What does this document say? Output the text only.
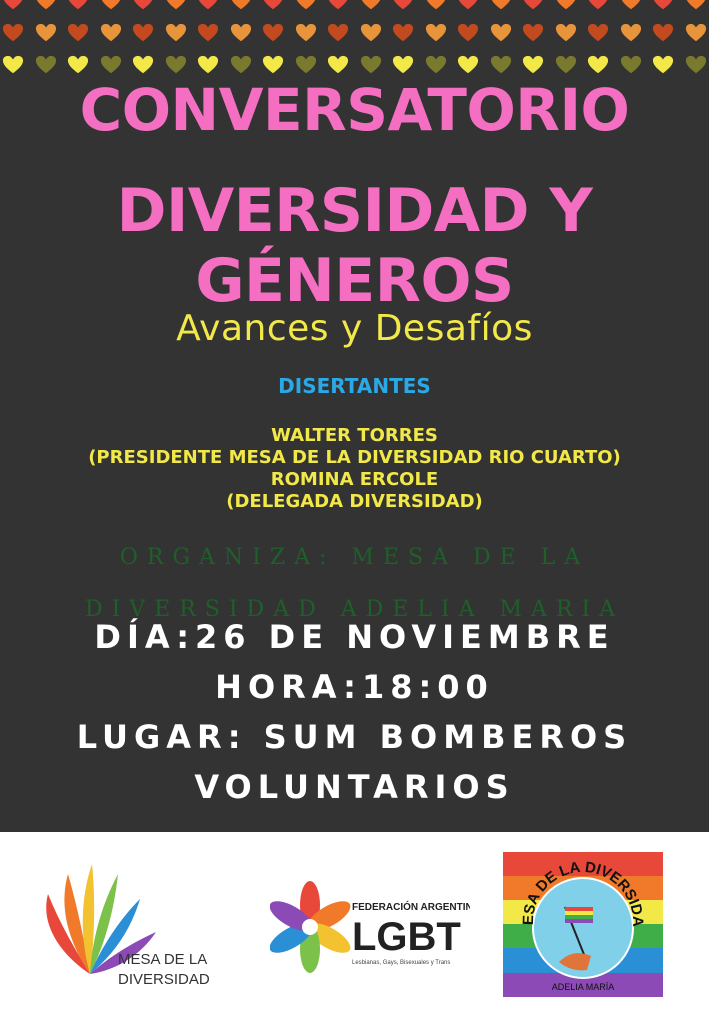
CONVERSATORIO
DIVERSIDAD Y
GÉNEROS
Avances y Desafíos
DISERTANTES
WALTER TORRES
(PRESIDENTE MESA DE LA DIVERSIDAD RIO CUARTO)
ROMINA ERCOLE
(DELEGADA DIVERSIDAD)
ORGANIZA: MESA DE LA
DIVERSIDAD ADELIA MARIA
DÍA:26 DE NOVIEMBRE
HORA:18:00
LUGAR: SUM BOMBEROS
VOLUNTARIOS
MESA DE LA
DIVERSIDAD
FEDERACIÓN ARGENTINA
LGBT
Lesbianas, Gays, Bisexuales y Trans
ESA DE LA DIVERSIDA
ADELIA MARÍA
